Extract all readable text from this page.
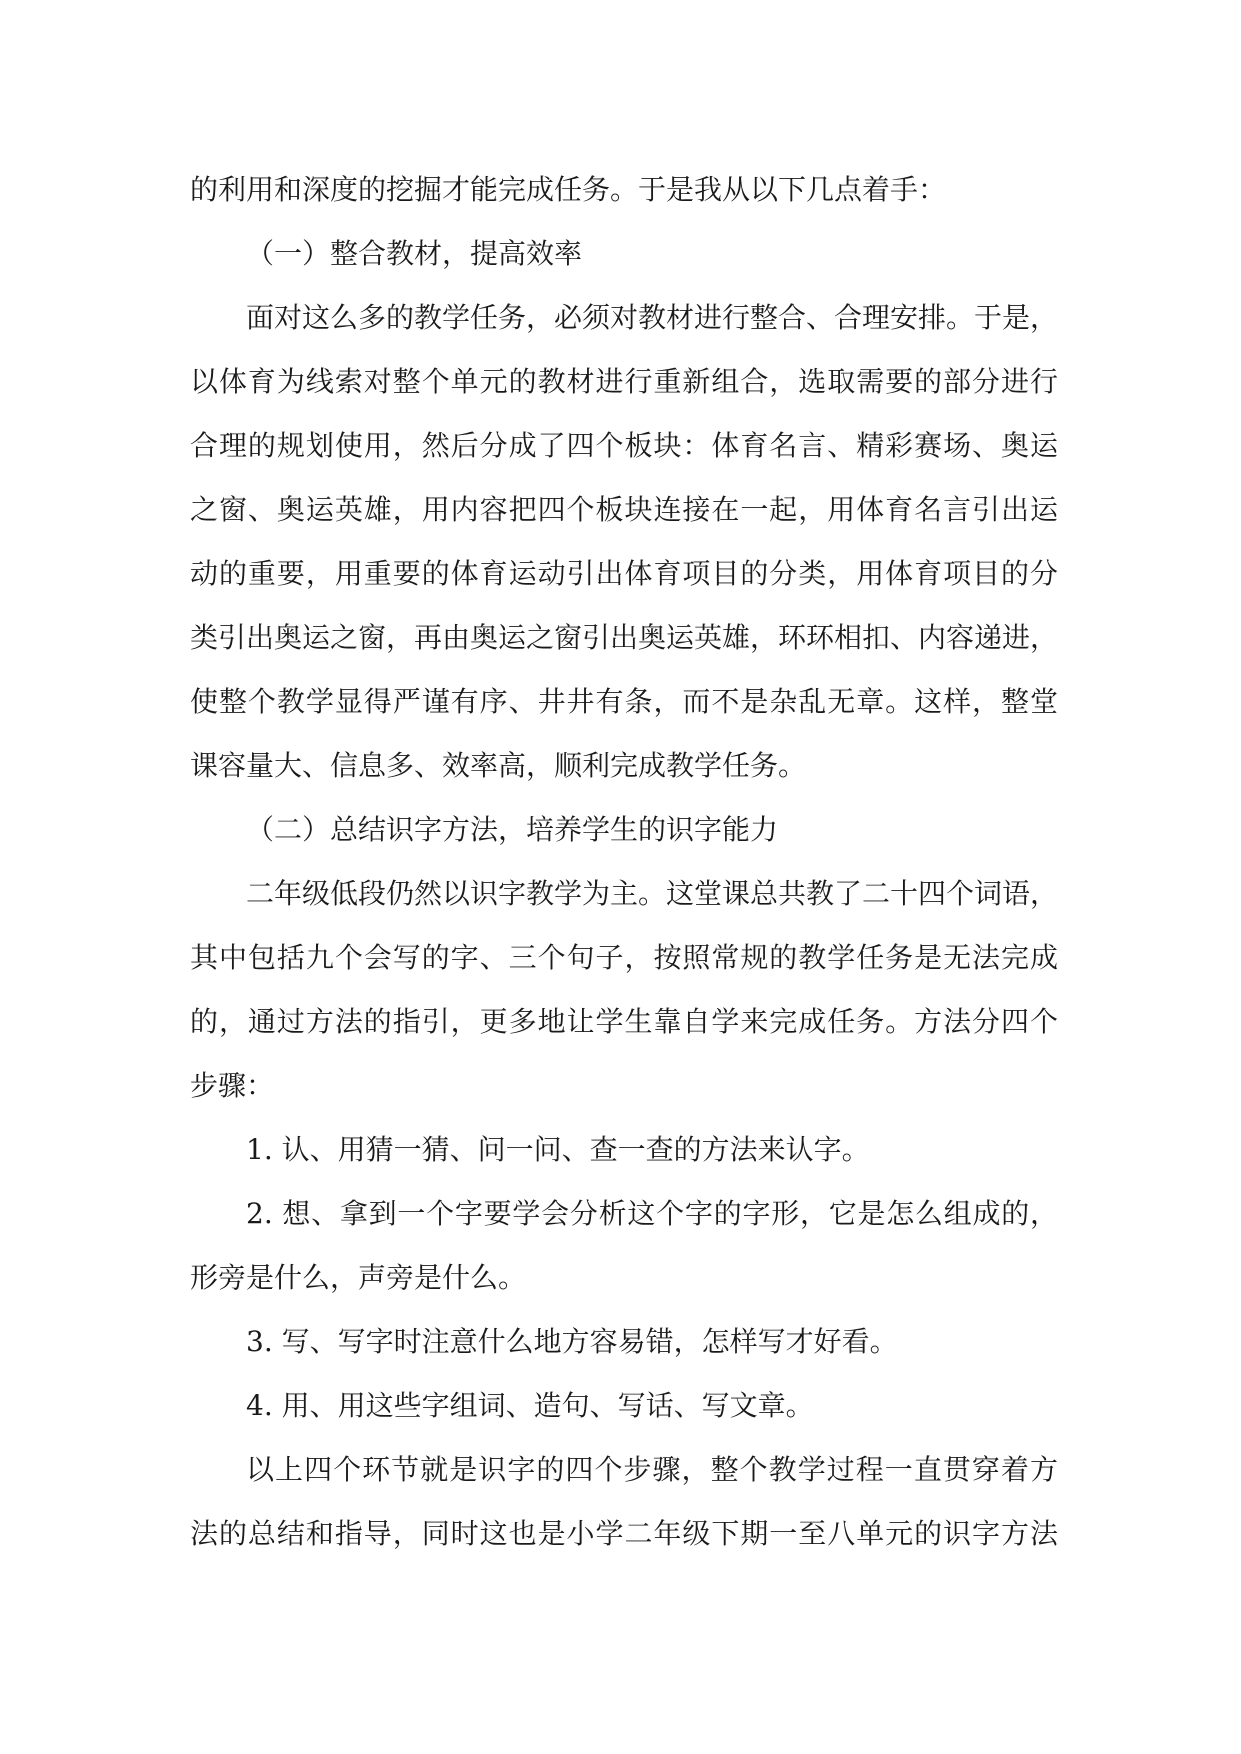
的利用和深度的挖掘才能完成任务。于是我从以下几点着手：
（一）整合教材，提高效率
面对这么多的教学任务，必须对教材进行整合、合理安排。于是，
以体育为线索对整个单元的教材进行重新组合，选取需要的部分进行
合理的规划使用，然后分成了四个板块：体育名言、精彩赛场、奥运
之窗、奥运英雄，用内容把四个板块连接在一起，用体育名言引出运
动的重要，用重要的体育运动引出体育项目的分类，用体育项目的分
类引出奥运之窗，再由奥运之窗引出奥运英雄，环环相扣、内容递进，
使整个教学显得严谨有序、井井有条，而不是杂乱无章。这样，整堂
课容量大、信息多、效率高，顺利完成教学任务。
（二）总结识字方法，培养学生的识字能力
二年级低段仍然以识字教学为主。这堂课总共教了二十四个词语，
其中包括九个会写的字、三个句子，按照常规的教学任务是无法完成
的，通过方法的指引，更多地让学生靠自学来完成任务。方法分四个
步骤：
1. 认、用猜一猜、问一问、查一查的方法来认字。
2. 想、拿到一个字要学会分析这个字的字形，它是怎么组成的，
形旁是什么，声旁是什么。
3. 写、写字时注意什么地方容易错，怎样写才好看。
4. 用、用这些字组词、造句、写话、写文章。
以上四个环节就是识字的四个步骤，整个教学过程一直贯穿着方
法的总结和指导，同时这也是小学二年级下期一至八单元的识字方法
